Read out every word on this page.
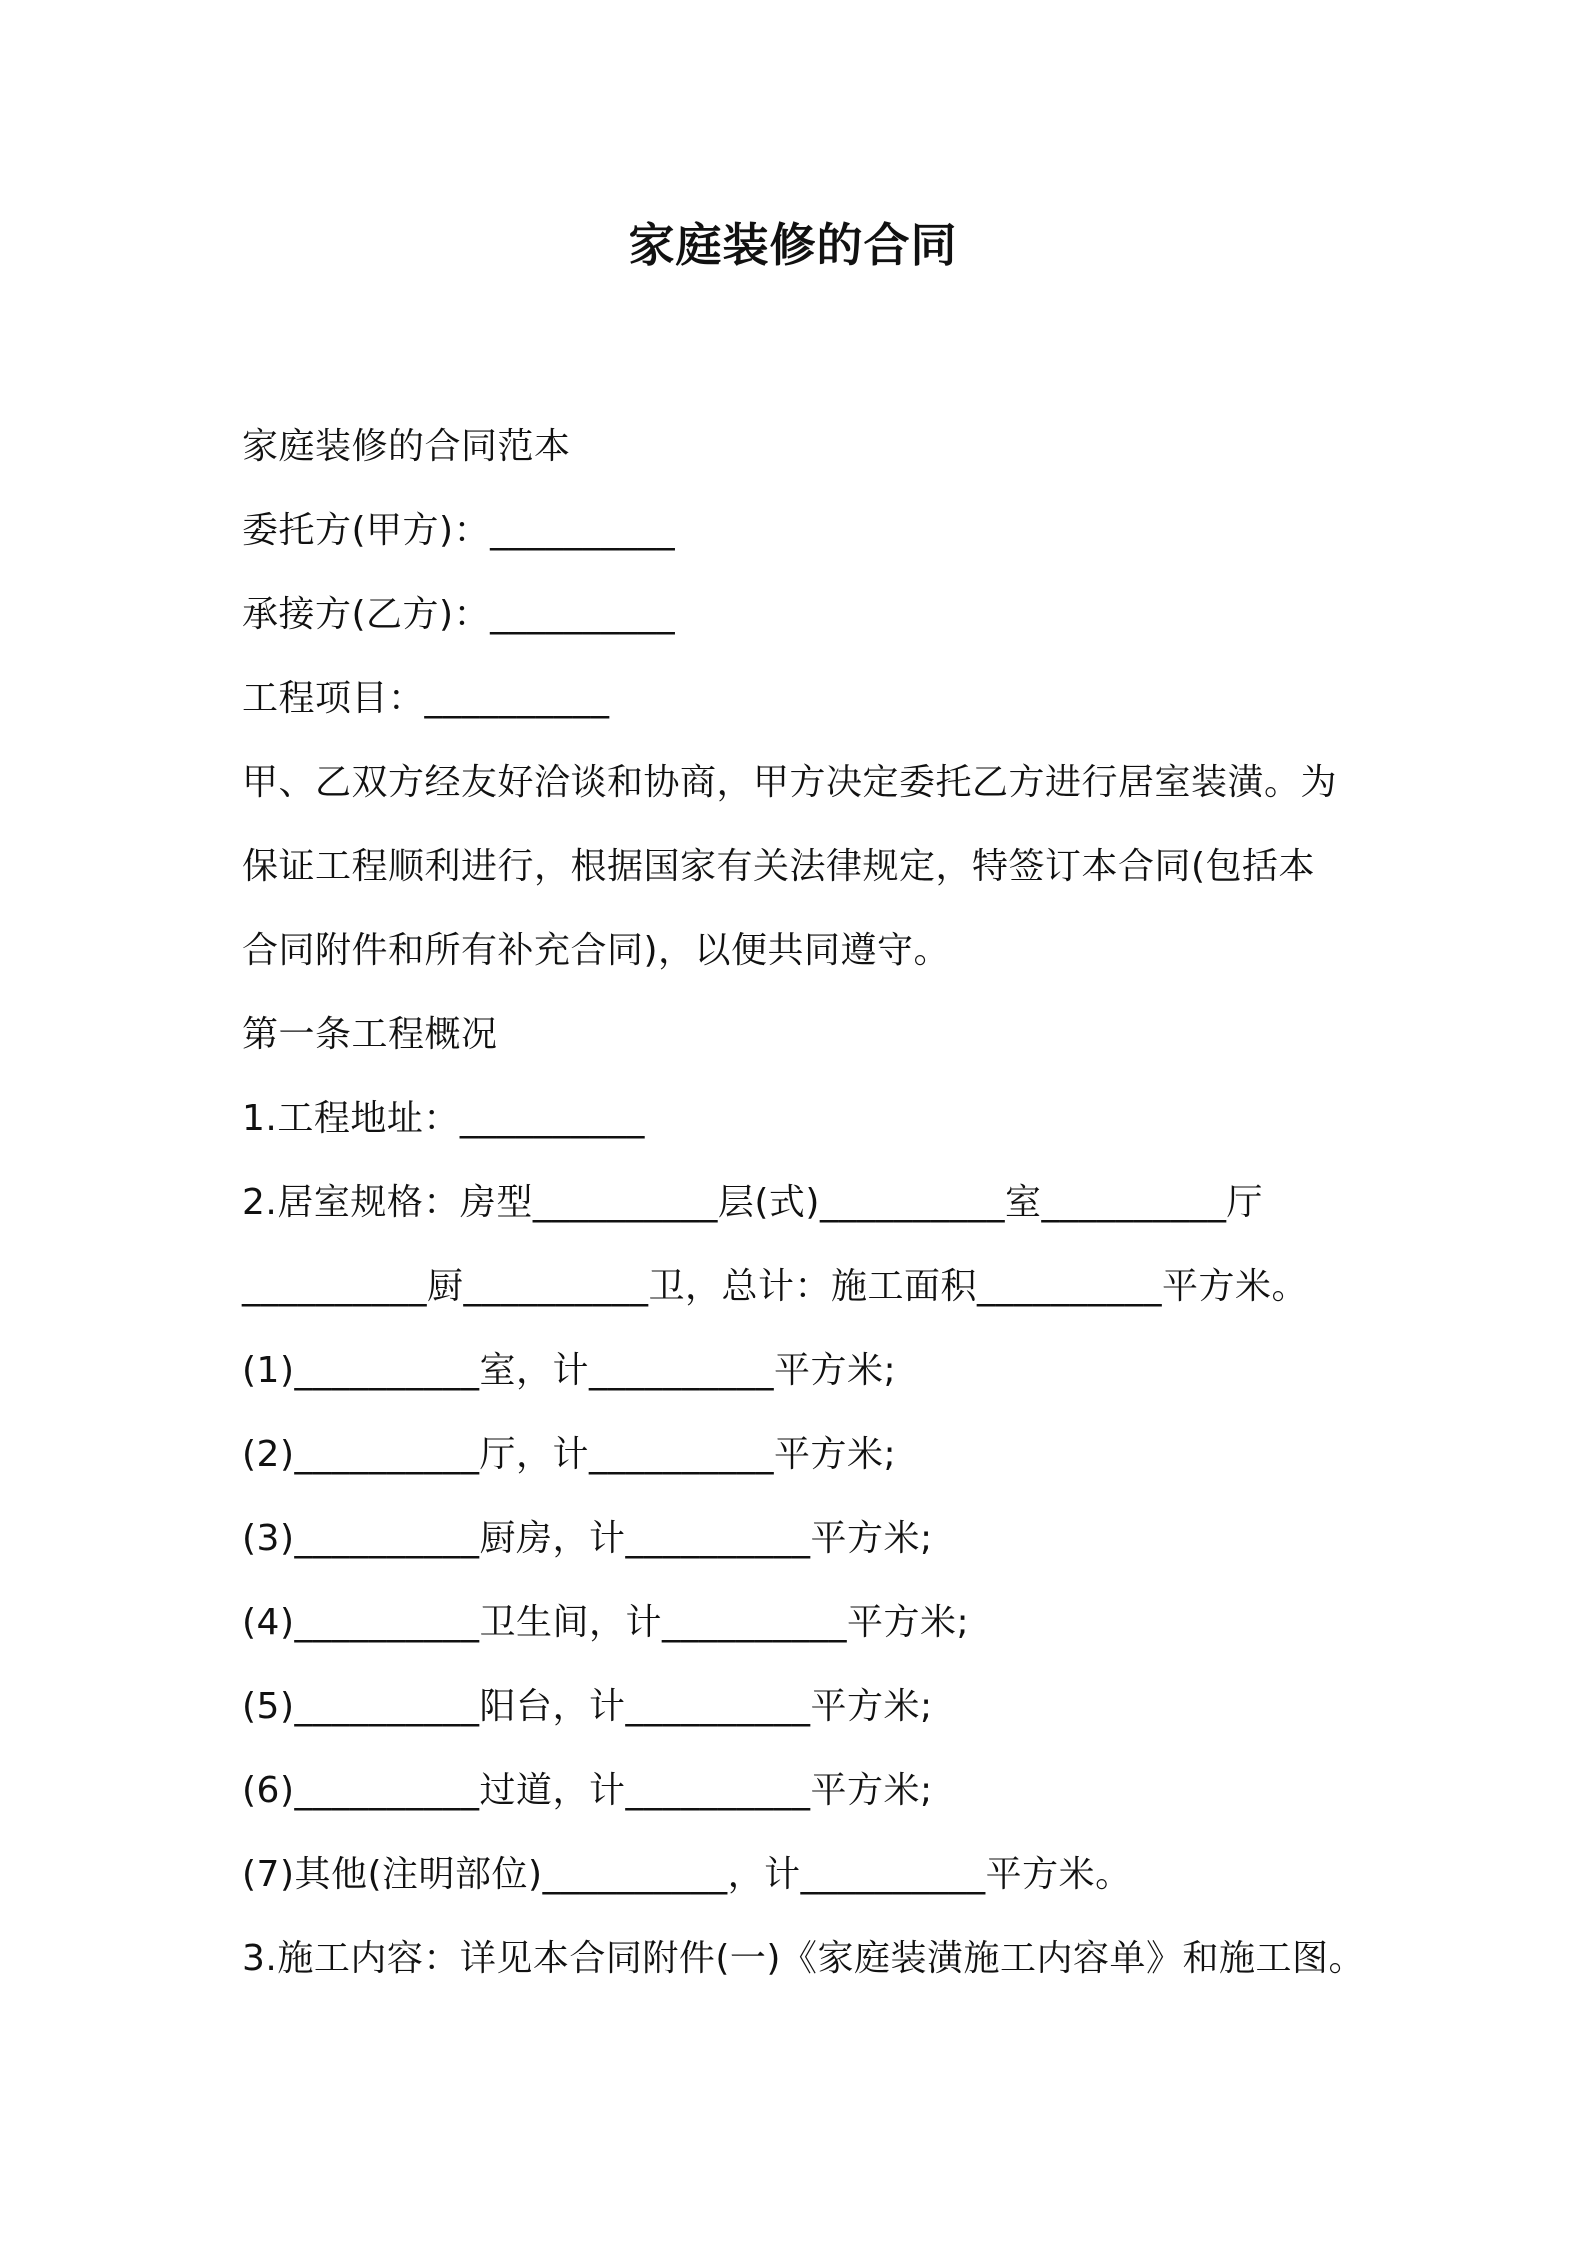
家庭装修的合同
家庭装修的合同范本
委托方(甲方)：__________
承接方(乙方)：__________
工程项目：__________
甲、乙双方经友好洽谈和协商，甲方决定委托乙方进行居室装潢。为
保证工程顺利进行，根据国家有关法律规定，特签订本合同(包括本
合同附件和所有补充合同)，以便共同遵守。
第一条工程概况
1.工程地址：__________
2.居室规格：房型__________层(式)__________室__________厅
__________厨__________卫，总计：施工面积__________平方米。
(1)__________室，计__________平方米;
(2)__________厅，计__________平方米;
(3)__________厨房，计__________平方米;
(4)__________卫生间，计__________平方米;
(5)__________阳台，计__________平方米;
(6)__________过道，计__________平方米;
(7)其他(注明部位)__________，计__________平方米。
3.施工内容：详见本合同附件(一)《家庭装潢施工内容单》和施工图。
